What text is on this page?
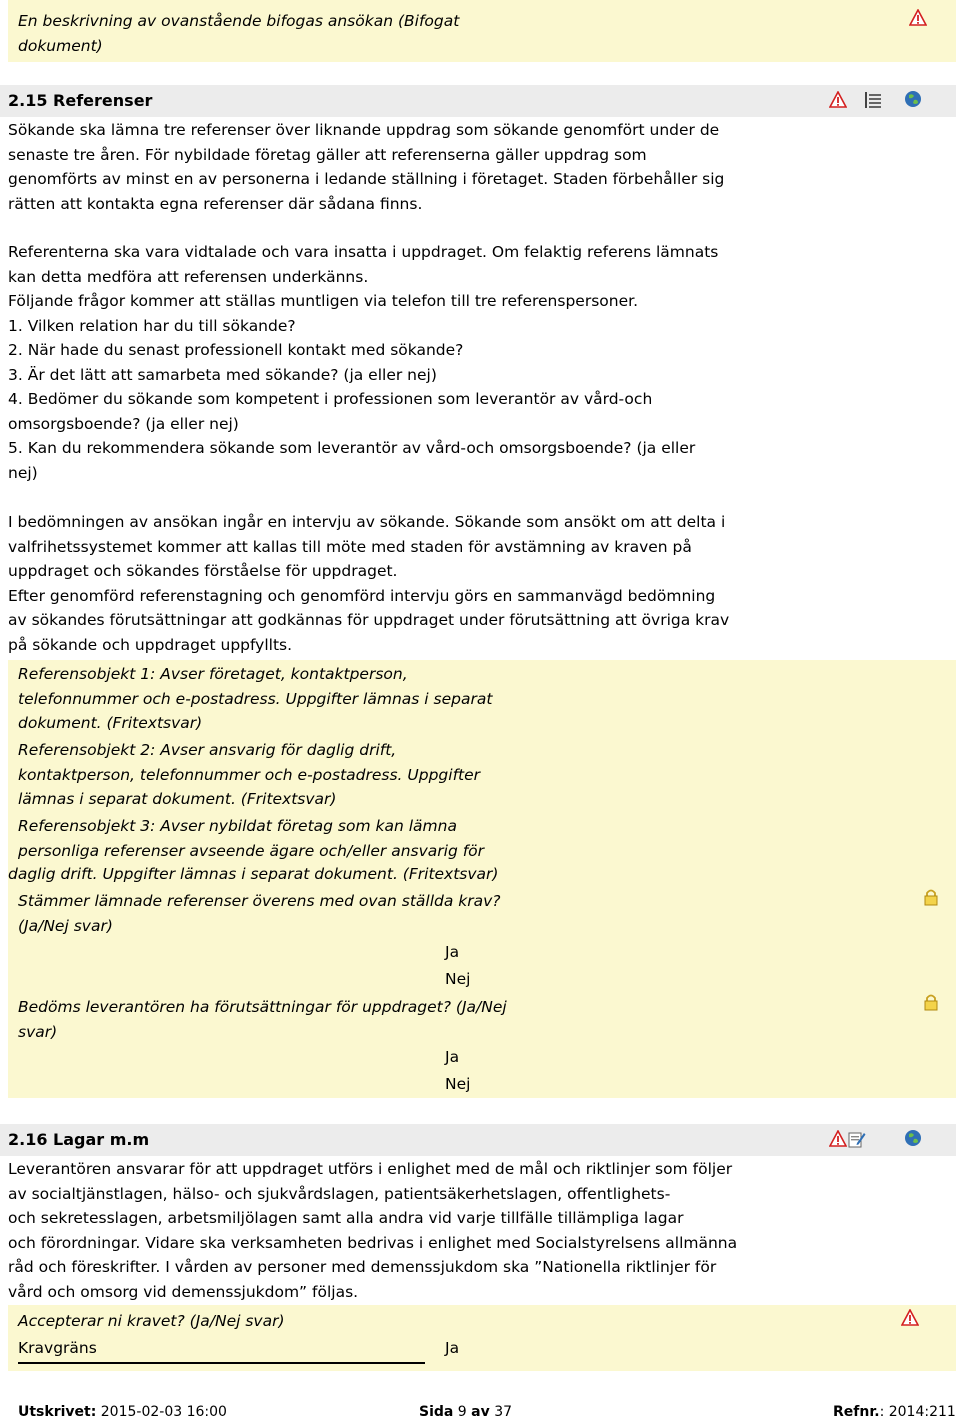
En beskrivning av ovanstående bifogas ansökan (Bifogat
dokument)
2.15 Referenser
Sökande ska lämna tre referenser över liknande uppdrag som sökande genomfört under de
senaste tre åren. För nybildade företag gäller att referenserna gäller uppdrag som
genomförts av minst en av personerna i ledande ställning i företaget. Staden förbehåller sig
rätten att kontakta egna referenser där sådana finns.
Referenterna ska vara vidtalade och vara insatta i uppdraget. Om felaktig referens lämnats
kan detta medföra att referensen underkänns.
Följande frågor kommer att ställas muntligen via telefon till tre referenspersoner.
1. Vilken relation har du till sökande?
2. När hade du senast professionell kontakt med sökande?
3. Är det lätt att samarbeta med sökande? (ja eller nej)
4. Bedömer du sökande som kompetent i professionen som leverantör av vård-och
omsorgsboende? (ja eller nej)
5. Kan du rekommendera sökande som leverantör av vård-och omsorgsboende? (ja eller
nej)
I bedömningen av ansökan ingår en intervju av sökande. Sökande som ansökt om att delta i
valfrihetssystemet kommer att kallas till möte med staden för avstämning av kraven på
uppdraget och sökandes förståelse för uppdraget.
Efter genomförd referenstagning och genomförd intervju görs en sammanvägd bedömning
av sökandes förutsättningar att godkännas för uppdraget under förutsättning att övriga krav
på sökande och uppdraget uppfyllts.
Referensobjekt 1: Avser företaget, kontaktperson,
telefonnummer och e-postadress. Uppgifter lämnas i separat
dokument. (Fritextsvar)
Referensobjekt 2: Avser ansvarig för daglig drift,
kontaktperson, telefonnummer och e-postadress. Uppgifter
lämnas i separat dokument. (Fritextsvar)
Referensobjekt 3: Avser nybildat företag som kan lämna
personliga referenser avseende ägare och/eller ansvarig för
daglig drift. Uppgifter lämnas i separat dokument. (Fritextsvar)
Stämmer lämnade referenser överens med ovan ställda krav?
(Ja/Nej svar)
Ja
Nej
Bedöms leverantören ha förutsättningar för uppdraget? (Ja/Nej
svar)
Ja
Nej
2.16 Lagar m.m
Leverantören ansvarar för att uppdraget utförs i enlighet med de mål och riktlinjer som följer
av socialtjänstlagen, hälso- och sjukvårdslagen, patientsäkerhetslagen, offentlighets-
och sekretesslagen, arbetsmiljölagen samt alla andra vid varje tillfälle tillämpliga lagar
och förordningar. Vidare ska verksamheten bedrivas i enlighet med Socialstyrelsens allmänna
råd och föreskrifter. I vården av personer med demenssjukdom ska ”Nationella riktlinjer för
vård och omsorg vid demenssjukdom” följas.
Accepterar ni kravet? (Ja/Nej svar)
Kravgräns	Ja
Utskrivet: 2015-02-03 16:00	Sida 9 av 37	Refnr.: 2014:211
